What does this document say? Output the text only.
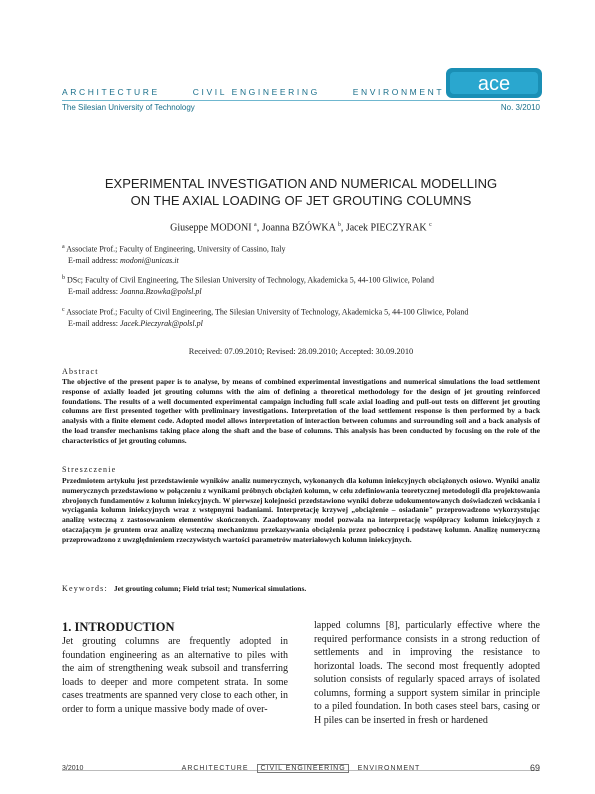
ARCHITECTURE	CIVIL ENGINEERING	ENVIRONMENT
The Silesian University of Technology	No. 3/2010
ace
EXPERIMENTAL INVESTIGATION AND NUMERICAL MODELLING
ON THE AXIAL LOADING OF JET GROUTING COLUMNS
Giuseppe MODONI $^a$, Joanna BZÓWKA $^b$, Jacek PIECZYRAK $^c$
$^a$ Associate Prof.; Faculty of Engineering, University of Cassino, Italy
E-mail address: modoni@unicas.it
$^b$ DSc; Faculty of Civil Engineering, The Silesian University of Technology, Akademicka 5, 44-100 Gliwice, Poland
E-mail address: Joanna.Bzowka@polsl.pl
$^c$ Associate Prof.; Faculty of Civil Engineering, The Silesian University of Technology, Akademicka 5, 44-100 Gliwice, Poland
E-mail address: Jacek.Pieczyrak@polsl.pl
Received: 07.09.2010; Revised: 28.09.2010; Accepted: 30.09.2010
Abstract
The objective of the present paper is to analyse, by means of combined experimental investigations and numerical simulations the load settlement response of axially loaded jet grouting columns with the aim of defining a theoretical methodology for the design of jet grouting reinforced foundations. The results of a well documented experimental campaign including full scale axial loading and pull-out tests on different jet grouting columns are first presented together with preliminary investigations. Interpretation of the load settlement response is then performed by a back analysis with a finite element code. Adopted model allows interpretation of interaction between columns and surrounding soil and a back analysis of the load transfer mechanisms taking place along the shaft and the base of columns. This analysis has been conducted by focusing on the role of the characteristics of jet grouting columns.
Streszczenie
Przedmiotem artykułu jest przedstawienie wyników analiz numerycznych, wykonanych dla kolumn iniekcyjnych obciążonych osiowo. Wyniki analiz numerycznych przedstawiono w połączeniu z wynikami próbnych obciążeń kolumn, w celu zdefiniowania teoretycznej metodologii dla projektowania zbrojonych fundamentów z kolumn iniekcyjnych. W pierwszej kolejności przedstawiono wyniki dobrze udokumentowanych doświadczeń wciskania i wyciągania kolumn iniekcyjnych wraz z wstępnymi badaniami. Interpretację krzywej „obciążenie – osiadanie" przeprowadzono wykorzystując analizę wsteczną z zastosowaniem elementów skończonych. Zaadoptowany model pozwala na interpretację współpracy kolumn iniekcyjnych z otaczającym je gruntem oraz analizę wsteczną mechanizmu przekazywania obciążenia przez pobocznicę i podstawę kolumn. Analizę numeryczną przeprowadzono z uwzględnieniem rzeczywistych wartości parametrów materiałowych kolumn iniekcyjnych.
Keywords: Jet grouting column; Field trial test; Numerical simulations.
1. INTRODUCTION
Jet grouting columns are frequently adopted in foundation engineering as an alternative to piles with the aim of strengthening weak subsoil and transferring loads to deeper and more competent strata. In some cases treatments are spanned very close to each other, in order to form a unique massive body made of over-
lapped columns [8], particularly effective where the required performance consists in a strong reduction of settlements and in improving the resistance to horizontal loads. The second most frequently adopted solution consists of regularly spaced arrays of isolated columns, forming a support system similar in principle to a piled foundation. In both cases steel bars, casing or H piles can be inserted in fresh or hardened
3/2010	ARCHITECTURE CIVIL ENGINEERING ENVIRONMENT	69
